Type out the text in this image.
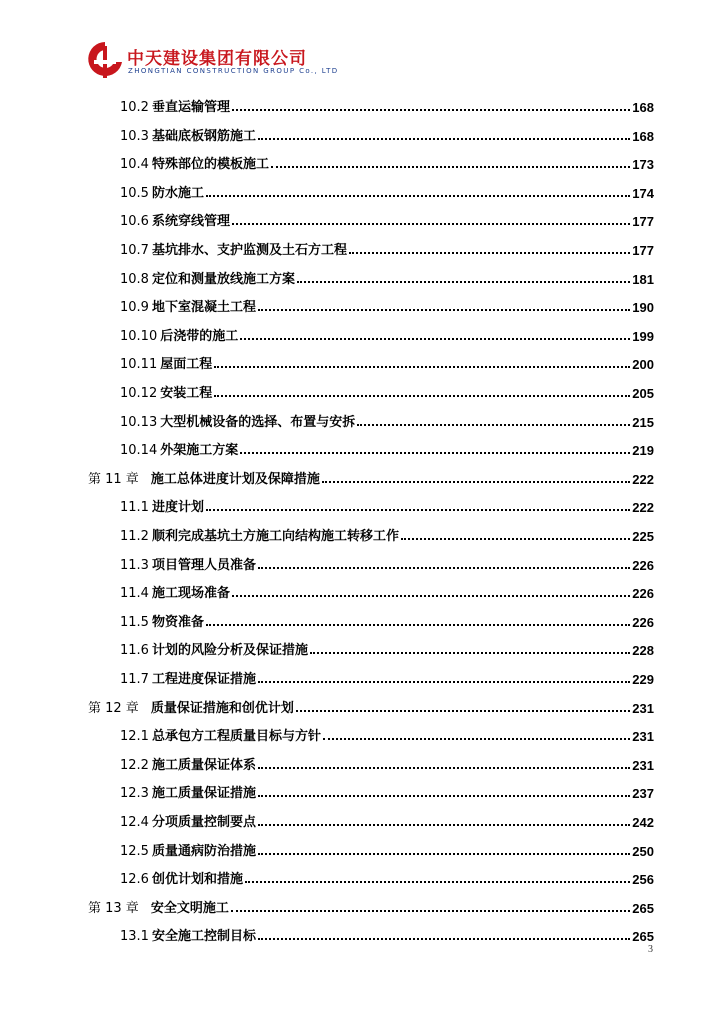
中天建设集团有限公司
ZHONGTIAN CONSTRUCTION GROUP Co., LTD
10.2 垂直运输管理	168
10.3 基础底板钢筋施工	168
10.4 特殊部位的模板施工	173
10.5 防水施工	174
10.6 系统穿线管理	177
10.7 基坑排水、支护监测及土石方工程	177
10.8 定位和测量放线施工方案	181
10.9 地下室混凝土工程	190
10.10 后浇带的施工	199
10.11 屋面工程	200
10.12 安装工程	205
10.13 大型机械设备的选择、布置与安拆	215
10.14 外架施工方案	219
第 11 章 施工总体进度计划及保障措施	222
11.1 进度计划	222
11.2 顺利完成基坑土方施工向结构施工转移工作	225
11.3 项目管理人员准备	226
11.4 施工现场准备	226
11.5 物资准备	226
11.6 计划的风险分析及保证措施	228
11.7 工程进度保证措施	229
第 12 章 质量保证措施和创优计划	231
12.1 总承包方工程质量目标与方针	231
12.2 施工质量保证体系	231
12.3 施工质量保证措施	237
12.4 分项质量控制要点	242
12.5 质量通病防治措施	250
12.6 创优计划和措施	256
第 13 章 安全文明施工	265
13.1 安全施工控制目标	265
3
